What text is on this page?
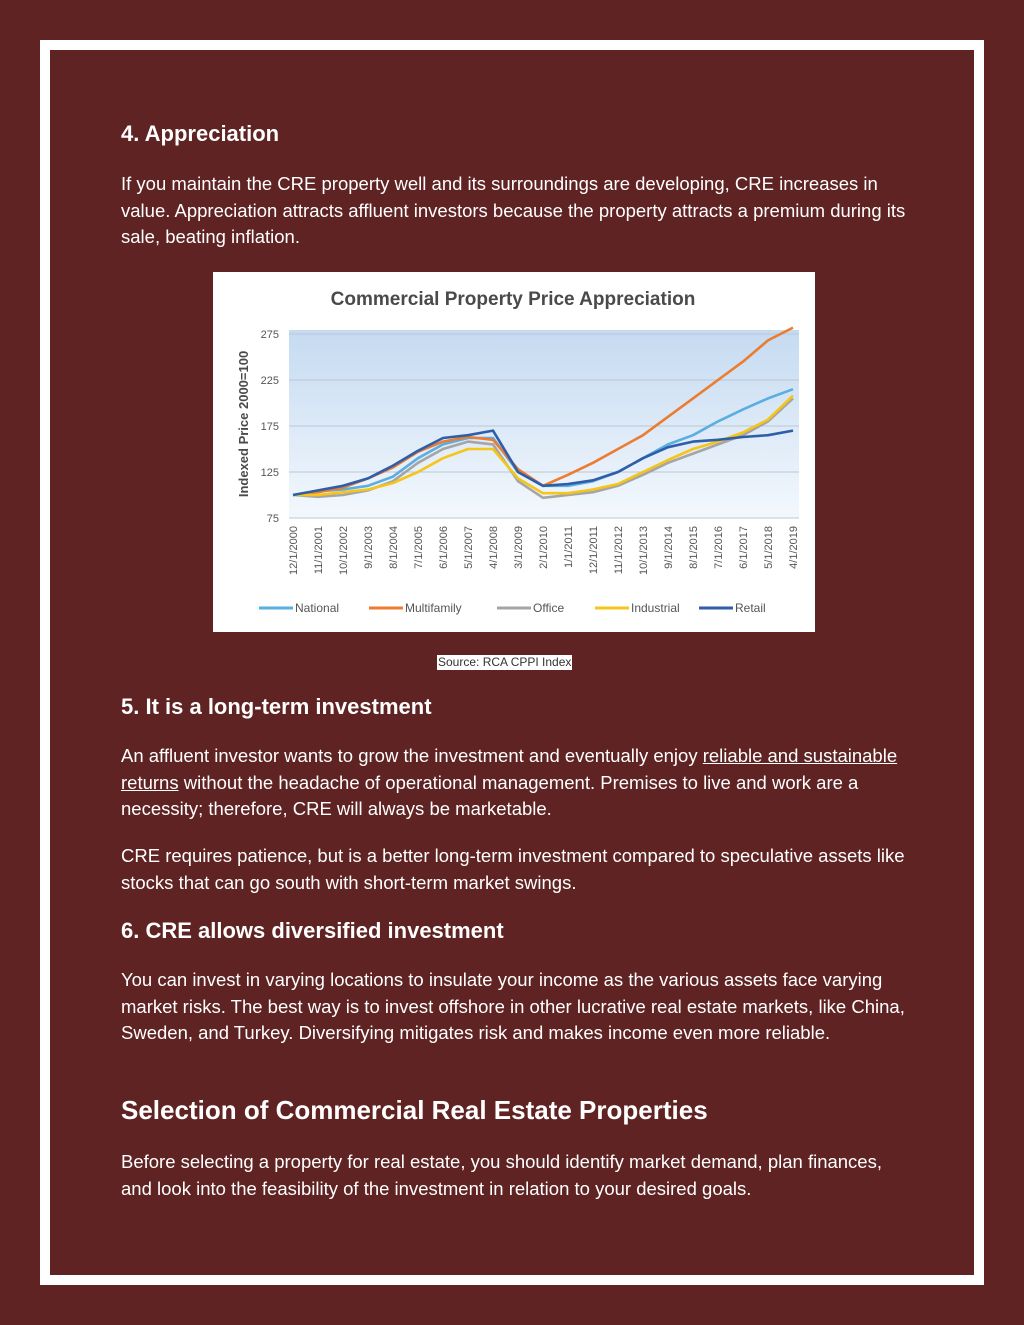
4. Appreciation

If you maintain the CRE property well and its surroundings are developing, CRE increases in value. Appreciation attracts affluent investors because the property attracts a premium during its sale, beating inflation.

5. It is a long-term investment

An affluent investor wants to grow the investment and eventually enjoy reliable and sustainable returns without the headache of operational management. Premises to live and work are a necessity; therefore, CRE will always be marketable.

CRE requires patience, but is a better long-term investment compared to speculative assets like stocks that can go south with short-term market swings.

6. CRE allows diversified investment

You can invest in varying locations to insulate your income as the various assets face varying market risks. The best way is to invest offshore in other lucrative real estate markets, like China, Sweden, and Turkey. Diversifying mitigates risk and makes income even more reliable.

Selection of Commercial Real Estate Properties

Before selecting a property for real estate, you should identify market demand, plan finances, and look into the feasibility of the investment in relation to your desired goals.

Commercial Property Price Appreciation
Indexed Price 2000=100
75
125
175
225
275
12/1/2000 11/1/2001 10/1/2002 9/1/2003 8/1/2004 7/1/2005 6/1/2006 5/1/2007 4/1/2008 3/1/2009 2/1/2010 1/1/2011 12/1/2011 11/1/2012 10/1/2013 9/1/2014 8/1/2015 7/1/2016 6/1/2017 5/1/2018 4/1/2019
National	Multifamily	Office	Industrial	Retail
Source: RCA CPPI Index
